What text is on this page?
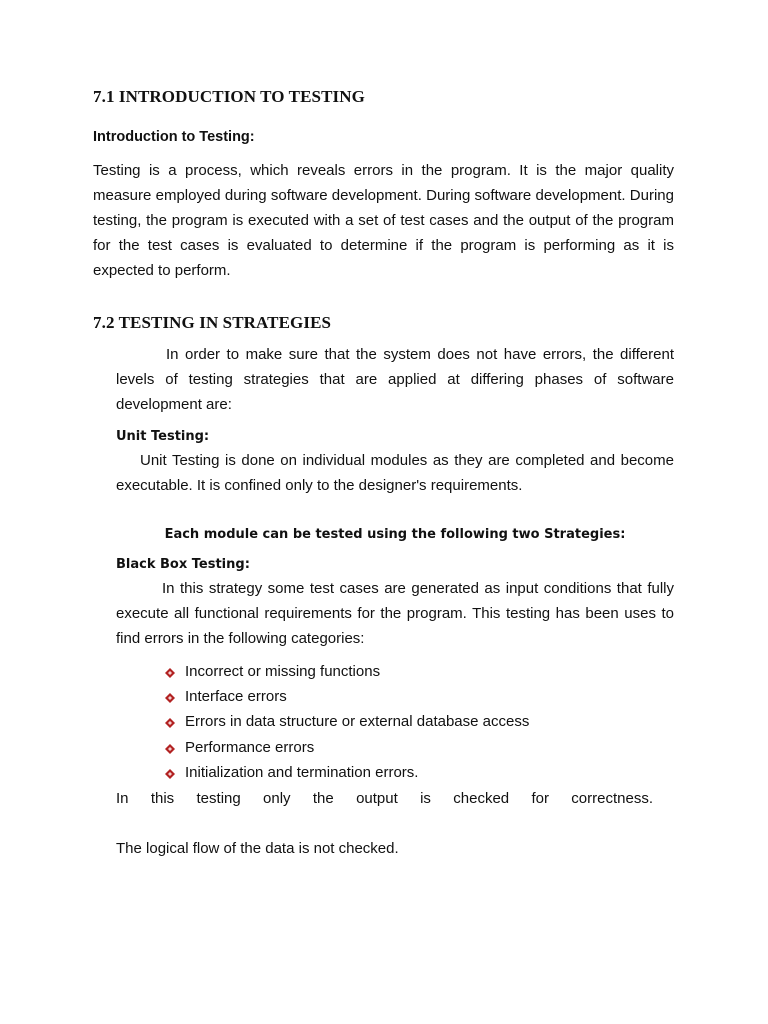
7.1 INTRODUCTION TO TESTING
Introduction to Testing:

Testing is a process, which reveals errors in the program. It is the major quality measure employed during software development. During software development. During testing, the program is executed with a set of test cases and the output of the program for the test cases is evaluated to determine if the program is performing as it is expected to perform.

7.2 TESTING IN STRATEGIES

In order to make sure that the system does not have errors, the different levels of testing strategies that are applied at differing phases of software development are:

Unit Testing:

Unit Testing is done on individual modules as they are completed and become executable. It is confined only to the designer's requirements.

Each module can be tested using the following two Strategies:
Black Box Testing:

In this strategy some test cases are generated as input conditions that fully execute all functional requirements for the program. This testing has been uses to find errors in the following categories:

Incorrect or missing functions
Interface errors
Errors in data structure or external database access
Performance errors
Initialization and termination errors.

In this testing only the output is checked for correctness.

The logical flow of the data is not checked.
